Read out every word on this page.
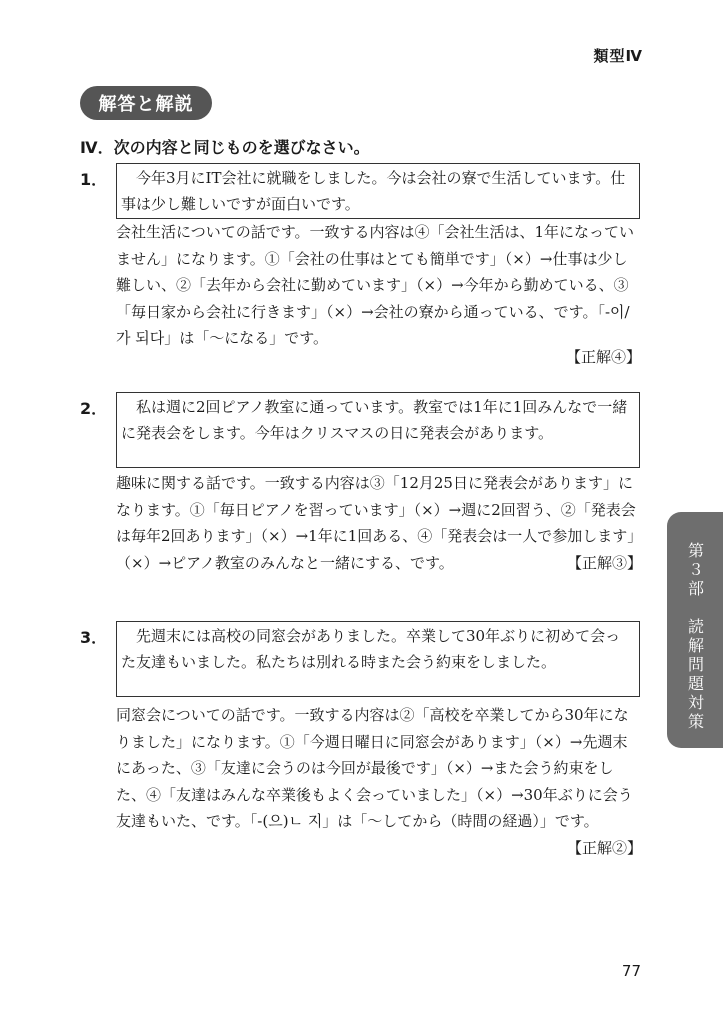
類型Ⅳ
解答と解説
Ⅳ．次の内容と同じものを選びなさい。
1．	今年3月にIT会社に就職をしました。今は会社の寮で生活しています。仕事は少し難しいですが面白いです。
会社生活についての話です。一致する内容は④「会社生活は、1年になっていません」になります。①「会社の仕事はとても簡単です」（×）→仕事は少し難しい、②「去年から会社に勤めています」（×）→今年から勤めている、③「毎日家から会社に行きます」（×）→会社の寮から通っている、です。「-이/가 되다」は「〜になる」です。
【正解④】
2．	私は週に2回ピアノ教室に通っています。教室では1年に1回みんなで一緒に発表会をします。今年はクリスマスの日に発表会があります。
趣味に関する話です。一致する内容は③「12月25日に発表会があります」になります。①「毎日ピアノを習っています」（×）→週に2回習う、②「発表会は毎年2回あります」（×）→1年に1回ある、④「発表会は一人で参加します」（×）→ピアノ教室のみんなと一緒にする、です。	【正解③】
3．	先週末には高校の同窓会がありました。卒業して30年ぶりに初めて会った友達もいました。私たちは別れる時また会う約束をしました。
同窓会についての話です。一致する内容は②「高校を卒業してから30年になりました」になります。①「今週日曜日に同窓会があります」（×）→先週末にあった、③「友達に会うのは今回が最後です」（×）→また会う約束をした、④「友達はみんな卒業後もよく会っていました」（×）→30年ぶりに会う友達もいた、です。「-(으)ㄴ 지」は「〜してから（時間の経過）」です。
【正解②】
第３部　読解問題対策
77
